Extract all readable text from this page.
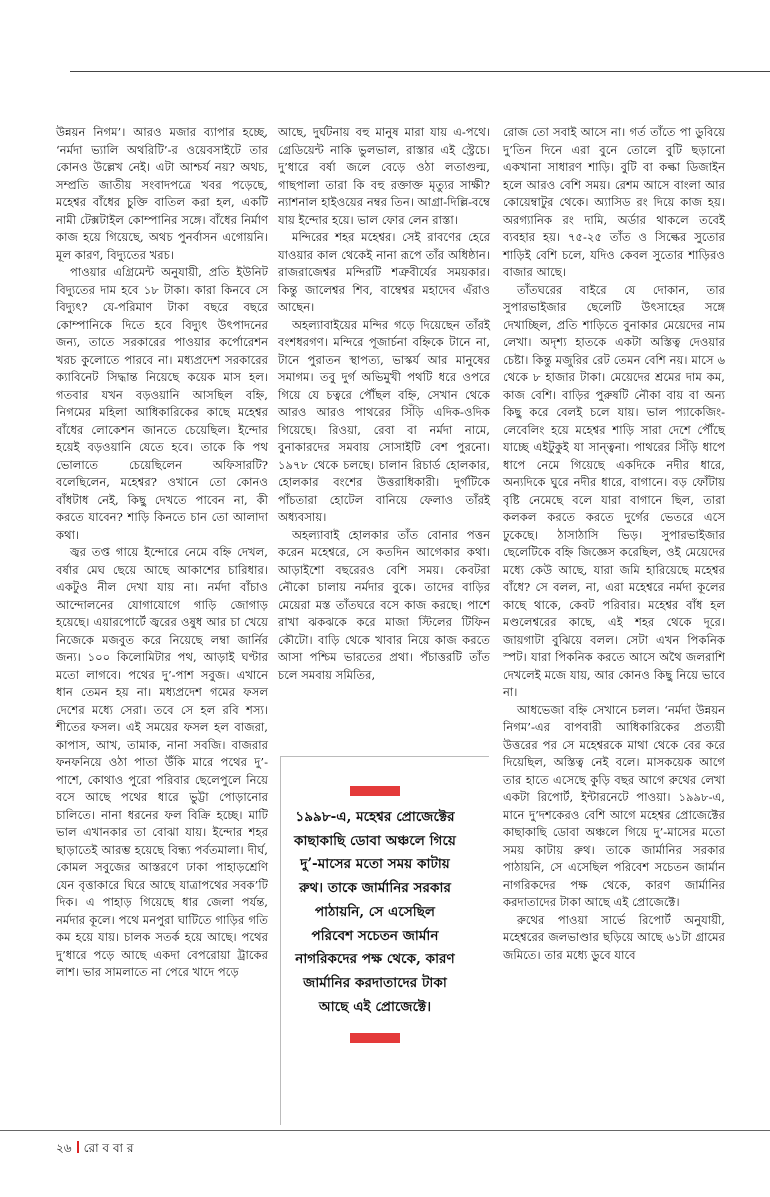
উন্নয়ন নিগম’। আরও মজার ব্যাপার হচ্ছে, ‘নর্মদা ভ্যালি অথরিটি’-র ওয়েবসাইটে তার কোনও উল্লেখ নেই। এটা আশ্চর্য নয়? অথচ, সম্প্রতি জাতীয় সংবাদপত্রে খবর পড়েছে, মহেশ্বর বাঁধের চুক্তি বাতিল করা হল, একটি নামী টেক্সটাইল কোম্পানির সঙ্গে। বাঁধের নির্মাণ কাজ হয়ে গিয়েছে, অথচ পুনর্বাসন এগোয়নি। মূল কারণ, বিদ্যুতের খরচ।

পাওয়ার এগ্রিমেন্ট অনুযায়ী, প্রতি ইউনিট বিদ্যুতের দাম হবে ১৮ টাকা। কারা কিনবে সে বিদ্যুৎ? যে-পরিমাণ টাকা বছরে বছরে কোম্পানিকে দিতে হবে বিদ্যুৎ উৎপাদনের জন্য, তাতে সরকারের পাওয়ার কর্পোরেশন খরচ কুলোতে পারবে না। মধ্যপ্রদেশ সরকারের ক্যাবিনেট সিদ্ধান্ত নিয়েছে কয়েক মাস হল। গতবার যখন বড়ওয়ানি আসছিল বহ্নি, নিগমের মহিলা আধিকারিকের কাছে মহেশ্বর বাঁধের লোকেশন জানতে চেয়েছিল। ইন্দোর হয়েই বড়ওয়ানি যেতে হবে। তাকে কি পথ ভোলাতে চেয়েছিলেন অফিসারটি? বলেছিলেন, মহেশ্বর? ওখানে তো কোনও বাঁধটাধ নেই, কিছু দেখতে পাবেন না, কী করতে যাবেন? শাড়ি কিনতে চান তো আলাদা কথা।

জ্বর তপ্ত গায়ে ইন্দোরে নেমে বহ্নি দেখল, বর্ষার মেঘ ছেয়ে আছে আকাশের চারিধার। একটুও নীল দেখা যায় না। নর্মদা বাঁচাও আন্দোলনের যোগাযোগে গাড়ি জোগাড় হয়েছে। এয়ারপোর্টে জ্বরের ওষুধ আর চা খেয়ে নিজেকে মজবুত করে নিয়েছে লম্বা জার্নির জন্য। ১০০ কিলোমিটার পথ, আড়াই ঘণ্টার মতো লাগবে। পথের দু’-পাশ সবুজ। এখানে ধান তেমন হয় না। মধ্যপ্রদেশ গমের ফসল দেশের মধ্যে সেরা। তবে সে হল রবি শস্য। শীতের ফসল। এই সময়ের ফসল হল বাজরা, কাপাস, আখ, তামাক, নানা সবজি। বাজরার ফনফনিয়ে ওঠা পাতা উঁকি মারে পথের দু’-পাশে, কোথাও পুরো পরিবার ছেলেপুলে নিয়ে বসে আছে পথের ধারে ভুট্টা পোড়ানোর চালিতে। নানা ধরনের ফল বিক্রি হচ্ছে। মাটি ভাল এখানকার তা বোঝা যায়। ইন্দোর শহর ছাড়াতেই আরম্ভ হয়েছে বিন্ধ্য পর্বতমালা। দীর্ঘ, কোমল সবুজের আস্তরণে ঢাকা পাহাড়শ্রেণি যেন বৃত্তাকারে ঘিরে আছে যাত্রাপথের সবক’টি দিক। এ পাহাড় গিয়েছে ধার জেলা পর্যন্ত, নর্মদার কূলে। পথে মনপুরা ঘাটিতে গাড়ির গতি কম হয়ে যায়। চালক সতর্ক হয়ে আছে। পথের দু’ধারে পড়ে আছে একদা বেপরোয়া ট্রাকের লাশ। ভার সামলাতে না পেরে খাদে পড়ে

আছে, দুর্ঘটনায় বহু মানুষ মারা যায় এ-পথে। গ্রেডিয়েন্ট নাকি ভুলভাল, রাস্তার এই স্ট্রেচে। দু’ধারে বর্ষা জলে বেড়ে ওঠা লতাগুল্ম, গাছপালা তারা কি বহু রক্তাক্ত মৃত্যুর সাক্ষী? ন্যাশনাল হাইওয়ের নম্বর তিন। আগ্রা-দিল্লি-বম্বে যায় ইন্দোর হয়ে। ভাল ফোর লেন রাস্তা।

মন্দিরের শহর মহেশ্বর। সেই রাবণের হেরে যাওয়ার কাল থেকেই নানা রূপে তাঁর অধিষ্ঠান। রাজরাজেশ্বর মন্দিরটি শত্রুবীর্যের সময়কার। কিন্তু জালেশ্বর শিব, বাম্বেশ্বর মহাদেব এঁরাও আছেন।

অহল্যাবাইয়ের মন্দির গড়ে দিয়েছেন তাঁরই বংশধরগণ। মন্দিরে পূজার্চনা বহ্নিকে টানে না, টানে পুরাতন স্থাপত্য, ভাস্কর্য আর মানুষের সমাগম। তবু দুর্গ অভিমুখী পথটি ধরে ওপরে গিয়ে যে চত্বরে পৌঁছল বহ্নি, সেখান থেকে আরও আরও পাথরের সিঁড়ি এদিক-ওদিক গিয়েছে। রিওয়া, রেবা বা নর্মদা নামে, বুনাকারদের সমবায় সোসাইটি বেশ পুরনো। ১৯৭৮ থেকে চলছে। চালান রিচার্ড হোলকার, হোলকার বংশের উত্তরাধিকারী। দুর্গটিকে পাঁচতারা হোটেল বানিয়ে ফেলাও তাঁরই অধ্যবসায়।

অহল্যাবাই হোলকার তাঁত বোনার পত্তন করেন মহেশ্বরে, সে কতদিন আগেকার কথা। আড়াইশো বছরেরও বেশি সময়। কেবটরা নৌকো চালায় নর্মদার বুকে। তাদের বাড়ির মেয়েরা মস্ত তাঁতঘরে বসে কাজ করছে। পাশে রাখা ঝকঝকে করে মাজা স্টিলের টিফিন কৌটো। বাড়ি থেকে খাবার নিয়ে কাজ করতে আসা পশ্চিম ভারতের প্রথা। পঁচাত্তরটি তাঁত চলে সমবায় সমিতির,

১৯৯৮-এ, মহেশ্বর প্রোজেক্টের কাছাকাছি ডোবা অঞ্চলে গিয়ে দু’-মাসের মতো সময় কাটায় রুথ। তাকে জার্মানির সরকার পাঠায়নি, সে এসেছিল পরিবেশ সচেতন জার্মান নাগরিকদের পক্ষ থেকে, কারণ জার্মানির করদাতাদের টাকা আছে এই প্রোজেক্টে।

রোজ তো সবাই আসে না। গর্ত তাঁতে পা ডুবিয়ে দু’তিন দিনে এরা বুনে তোলে বুটি ছড়ানো একখানা সাধারণ শাড়ি। বুটি বা কল্কা ডিজাইন হলে আরও বেশি সময়। রেশম আসে বাংলা আর কোয়েম্বাটুর থেকে। অ্যাসিড রং দিয়ে কাজ হয়। অরগ্যানিক রং দামি, অর্ডার থাকলে তবেই ব্যবহার হয়। ৭৫-২৫ তাঁত ও সিল্কের সুতোর শাড়িই বেশি চলে, যদিও কেবল সুতোর শাড়িরও বাজার আছে।

তাঁতঘরের বাইরে যে দোকান, তার সুপারভাইজার ছেলেটি উৎসাহের সঙ্গে দেখাচ্ছিল, প্রতি শাড়িতে বুনাকার মেয়েদের নাম লেখা। অদৃশ্য হাতকে একটা অস্তিত্ব দেওয়ার চেষ্টা। কিন্তু মজুরির রেট তেমন বেশি নয়। মাসে ৬ থেকে ৮ হাজার টাকা। মেয়েদের শ্রমের দাম কম, কাজ বেশি। বাড়ির পুরুষটি নৌকা বায় বা অন্য কিছু করে বেলই চলে যায়। ভাল প্যাকেজিং-লেবেলিং হয়ে মহেশ্বর শাড়ি সারা দেশে পৌঁছে যাচ্ছে এইটুকুই যা সান্ত্বনা। পাথরের সিঁড়ি ধাপে ধাপে নেমে গিয়েছে একদিকে নদীর ধারে, অন্যদিকে ঘুরে নদীর ধারে, বাগানে। বড় ফোঁটায় বৃষ্টি নেমেছে বলে যারা বাগানে ছিল, তারা কলকল করতে করতে দুর্গের ভেতরে এসে ঢুকেছে। ঠাসাঠাসি ভিড়। সুপারভাইজার ছেলেটিকে বহ্নি জিজ্ঞেস করেছিল, ওই মেয়েদের মধ্যে কেউ আছে, যারা জমি হারিয়েছে মহেশ্বর বাঁধে? সে বলল, না, এরা মহেশ্বরে নর্মদা কূলের কাছে থাকে, কেবট পরিবার। মহেশ্বর বাঁধ হল মণ্ডলেশ্বরের কাছে, এই শহর থেকে দূরে। জায়গাটা বুঝিয়ে বলল। সেটা এখন পিকনিক স্পট। যারা পিকনিক করতে আসে অথৈ জলরাশি দেখলেই মজে যায়, আর কোনও কিছু নিয়ে ভাবে না।

আধভেজা বহ্নি সেখানে চলল। ‘নর্মদা উন্নয়ন নিগম’-এর বাপবারী আধিকারিকের প্রত্যয়ী উত্তরের পর সে মহেশ্বরকে মাথা থেকে বের করে দিয়েছিল, অস্তিত্ব নেই বলে। মাসকয়েক আগে তার হাতে এসেছে কুড়ি বছর আগে রুথের লেখা একটা রিপোর্ট, ইন্টারনেটে পাওয়া। ১৯৯৮-এ, মানে দু’দশকেরও বেশি আগে মহেশ্বর প্রোজেক্টের কাছাকাছি ডোবা অঞ্চলে গিয়ে দু’-মাসের মতো সময় কাটায় রুথ। তাকে জার্মানির সরকার পাঠায়নি, সে এসেছিল পরিবেশ সচেতন জার্মান নাগরিকদের পক্ষ থেকে, কারণ জার্মানির করদাতাদের টাকা আছে এই প্রোজেক্টে।

রুথের পাওয়া সার্ভে রিপোর্ট অনুযায়ী, মহেশ্বরের জলভাণ্ডার ছড়িয়ে আছে ৬১টা গ্রামের জমিতে। তার মধ্যে ডুবে যাবে

২৬ রো ব বা র
